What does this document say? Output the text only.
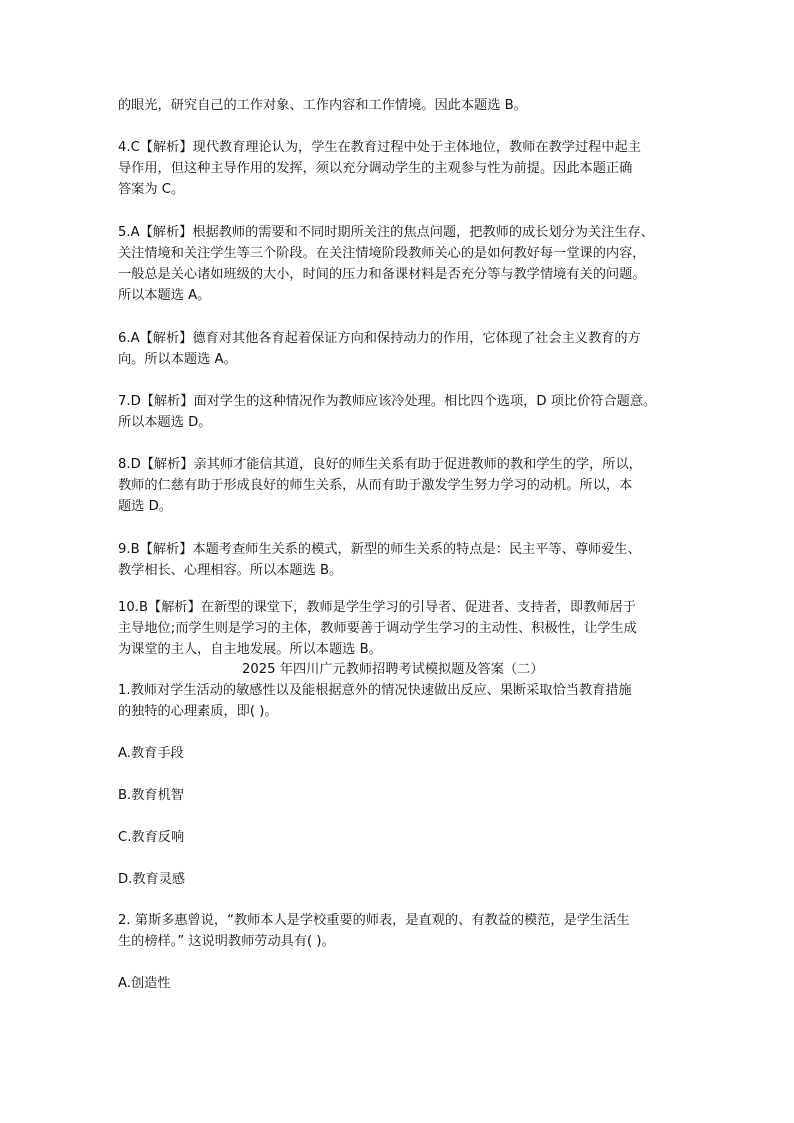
的眼光，研究自己的工作对象、工作内容和工作情境。因此本题选 B。
4.C【解析】现代教育理论认为，学生在教育过程中处于主体地位，教师在教学过程中起主
导作用，但这种主导作用的发挥，须以充分调动学生的主观参与性为前提。因此本题正确
答案为 C。
5.A【解析】根据教师的需要和不同时期所关注的焦点问题，把教师的成长划分为关注生存、
关注情境和关注学生等三个阶段。在关注情境阶段教师关心的是如何教好每一堂课的内容，
一般总是关心诸如班级的大小，时间的压力和备课材料是否充分等与教学情境有关的问题。
所以本题选 A。
6.A【解析】德育对其他各育起着保证方向和保持动力的作用，它体现了社会主义教育的方
向。所以本题选 A。
7.D【解析】面对学生的这种情况作为教师应该冷处理。相比四个选项，D 项比价符合题意。
所以本题选 D。
8.D【解析】亲其师才能信其道，良好的师生关系有助于促进教师的教和学生的学，所以，
教师的仁慈有助于形成良好的师生关系，从而有助于激发学生努力学习的动机。所以，本
题选 D。
9.B【解析】本题考查师生关系的模式，新型的师生关系的特点是：民主平等、尊师爱生、
教学相长、心理相容。所以本题选 B。
10.B【解析】在新型的课堂下，教师是学生学习的引导者、促进者、支持者，即教师居于
主导地位;而学生则是学习的主体，教师要善于调动学生学习的主动性、积极性，让学生成
为课堂的主人，自主地发展。所以本题选 B。
2025 年四川广元教师招聘考试模拟题及答案（二）
1.教师对学生活动的敏感性以及能根据意外的情况快速做出反应、果断采取恰当教育措施
的独特的心理素质，即( )。
A.教育手段
B.教育机智
C.教育反响
D.教育灵感
2. 第斯多惠曾说，“教师本人是学校重要的师表，是直观的、有教益的模范，是学生活生
生的榜样。” 这说明教师劳动具有( )。
A.创造性
